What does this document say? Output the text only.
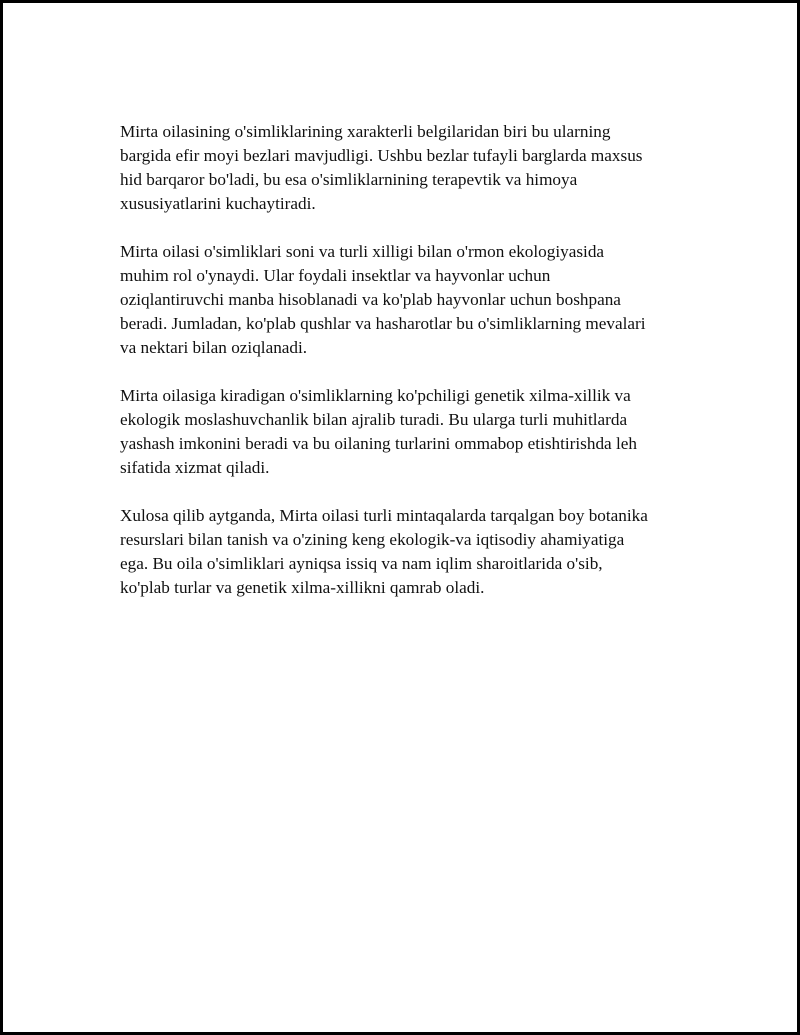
Mirta oilasining o'simliklarining xarakterli belgilaridan biri bu ularning
bargida efir moyi bezlari mavjudligi. Ushbu bezlar tufayli barglarda maxsus
hid barqaror bo'ladi, bu esa o'simliklarnining terapevtik va himoya
xususiyatlarini kuchaytiradi.

Mirta oilasi o'simliklari soni va turli xilligi bilan o'rmon ekologiyasida
muhim rol o'ynaydi. Ular foydali insektlar va hayvonlar uchun
oziqlantiruvchi manba hisoblanadi va ko'plab hayvonlar uchun boshpana
beradi. Jumladan, ko'plab qushlar va hasharotlar bu o'simliklarning mevalari
va nektari bilan oziqlanadi.

Mirta oilasiga kiradigan o'simliklarning ko'pchiligi genetik xilma-xillik va
ekologik moslashuvchanlik bilan ajralib turadi. Bu ularga turli muhitlarda
yashash imkonini beradi va bu oilaning turlarini ommabop etishtirishda leh
sifatida xizmat qiladi.

Xulosa qilib aytganda, Mirta oilasi turli mintaqalarda tarqalgan boy botanika
resurslari bilan tanish va o'zining keng ekologik-va iqtisodiy ahamiyatiga
ega. Bu oila o'simliklari ayniqsa issiq va nam iqlim sharoitlarida o'sib,
ko'plab turlar va genetik xilma-xillikni qamrab oladi.
